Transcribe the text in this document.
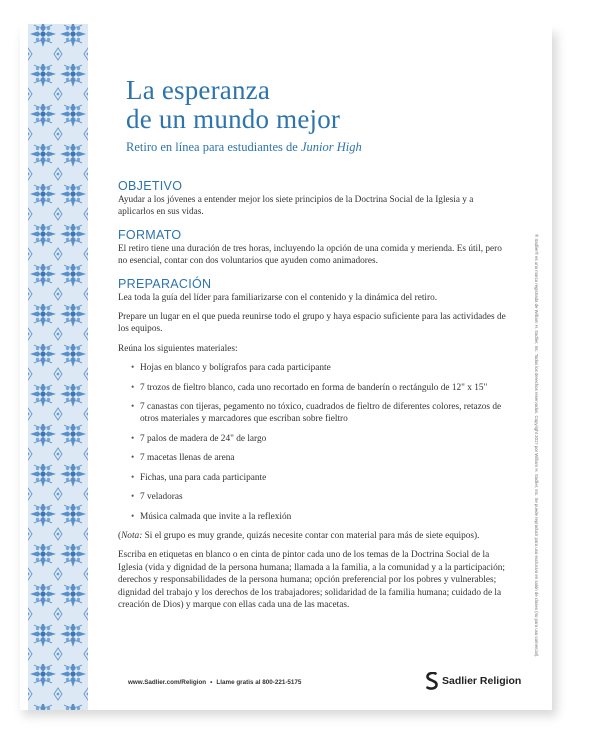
La esperanza
de un mundo mejor
Retiro en línea para estudiantes de Junior High
OBJETIVO

Ayudar a los jóvenes a entender mejor los siete principios de la Doctrina Social de la Iglesia y a aplicarlos en sus vidas.

FORMATO

El retiro tiene una duración de tres horas, incluyendo la opción de una comida y merienda. Es útil, pero no esencial, contar con dos voluntarios que ayuden como animadores.

PREPARACIÓN

Lea toda la guía del líder para familiarizarse con el contenido y la dinámica del retiro.

Prepare un lugar en el que pueda reunirse todo el grupo y haya espacio suficiente para las actividades de los equipos.

Reúna los siguientes materiales:

• Hojas en blanco y bolígrafos para cada participante
• 7 trozos de fieltro blanco, cada uno recortado en forma de banderín o rectángulo de 12" x 15"
• 7 canastas con tijeras, pegamento no tóxico, cuadrados de fieltro de diferentes colores, retazos de otros materiales y marcadores que escriban sobre fieltro
• 7 palos de madera de 24" de largo
• 7 macetas llenas de arena
• Fichas, una para cada participante
• 7 veladoras
• Música calmada que invite a la reflexión

(Nota: Si el grupo es muy grande, quizás necesite contar con material para más de siete equipos).

Escriba en etiquetas en blanco o en cinta de pintor cada uno de los temas de la Doctrina Social de la Iglesia (vida y dignidad de la persona humana; llamada a la familia, a la comunidad y a la participación; derechos y responsabilidades de la persona humana; opción preferencial por los pobres y vulnerables; dignidad del trabajo y los derechos de los trabajadores; solidaridad de la familia humana; cuidado de la creación de Dios) y marque con ellas cada una de las macetas.

www.Sadlier.com/Religion • Llame gratis al 800-221-5175	Sadlier Religion
® Sadlier® es una marca registrada de William H. Sadlier, Inc. Todos los derechos reservados. Copyright 2017 por William H. Sadlier, Inc. Se puede reproducir para uso exclusivo en salón de clases (no para uso comercial).
